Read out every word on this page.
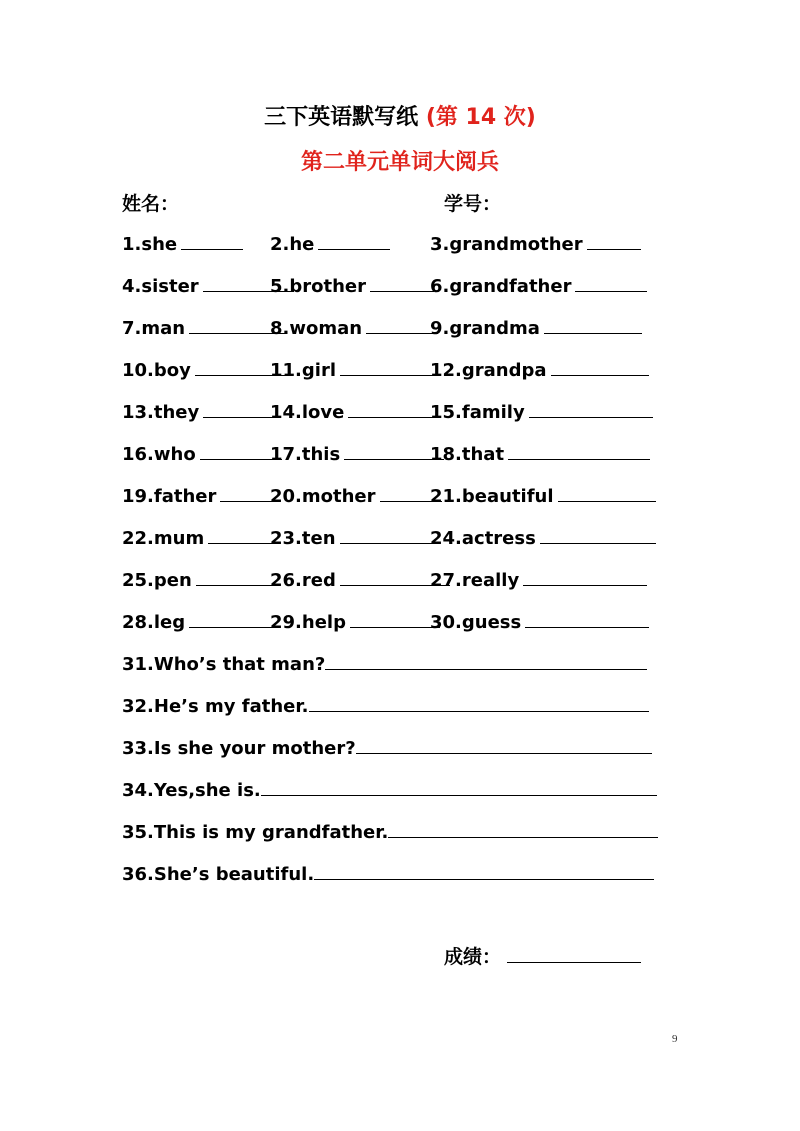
三下英语默写纸 (第 14 次)
第二单元单词大阅兵
姓名：	学号：
1.she	2.he	3.grandmother
4.sister	5.brother	6.grandfather
7.man	8.woman	9.grandma
10.boy	11.girl	12.grandpa
13.they	14.love	15.family
16.who	17.this	18.that
19.father	20.mother	21.beautiful
22.mum	23.ten	24.actress
25.pen	26.red	27.really
28.leg	29.help	30.guess
31.Who’s that man?
32.He’s my father.
33.Is she your mother?
34.Yes,she is.
35.This is my grandfather.
36.She’s beautiful.
成绩：
9
